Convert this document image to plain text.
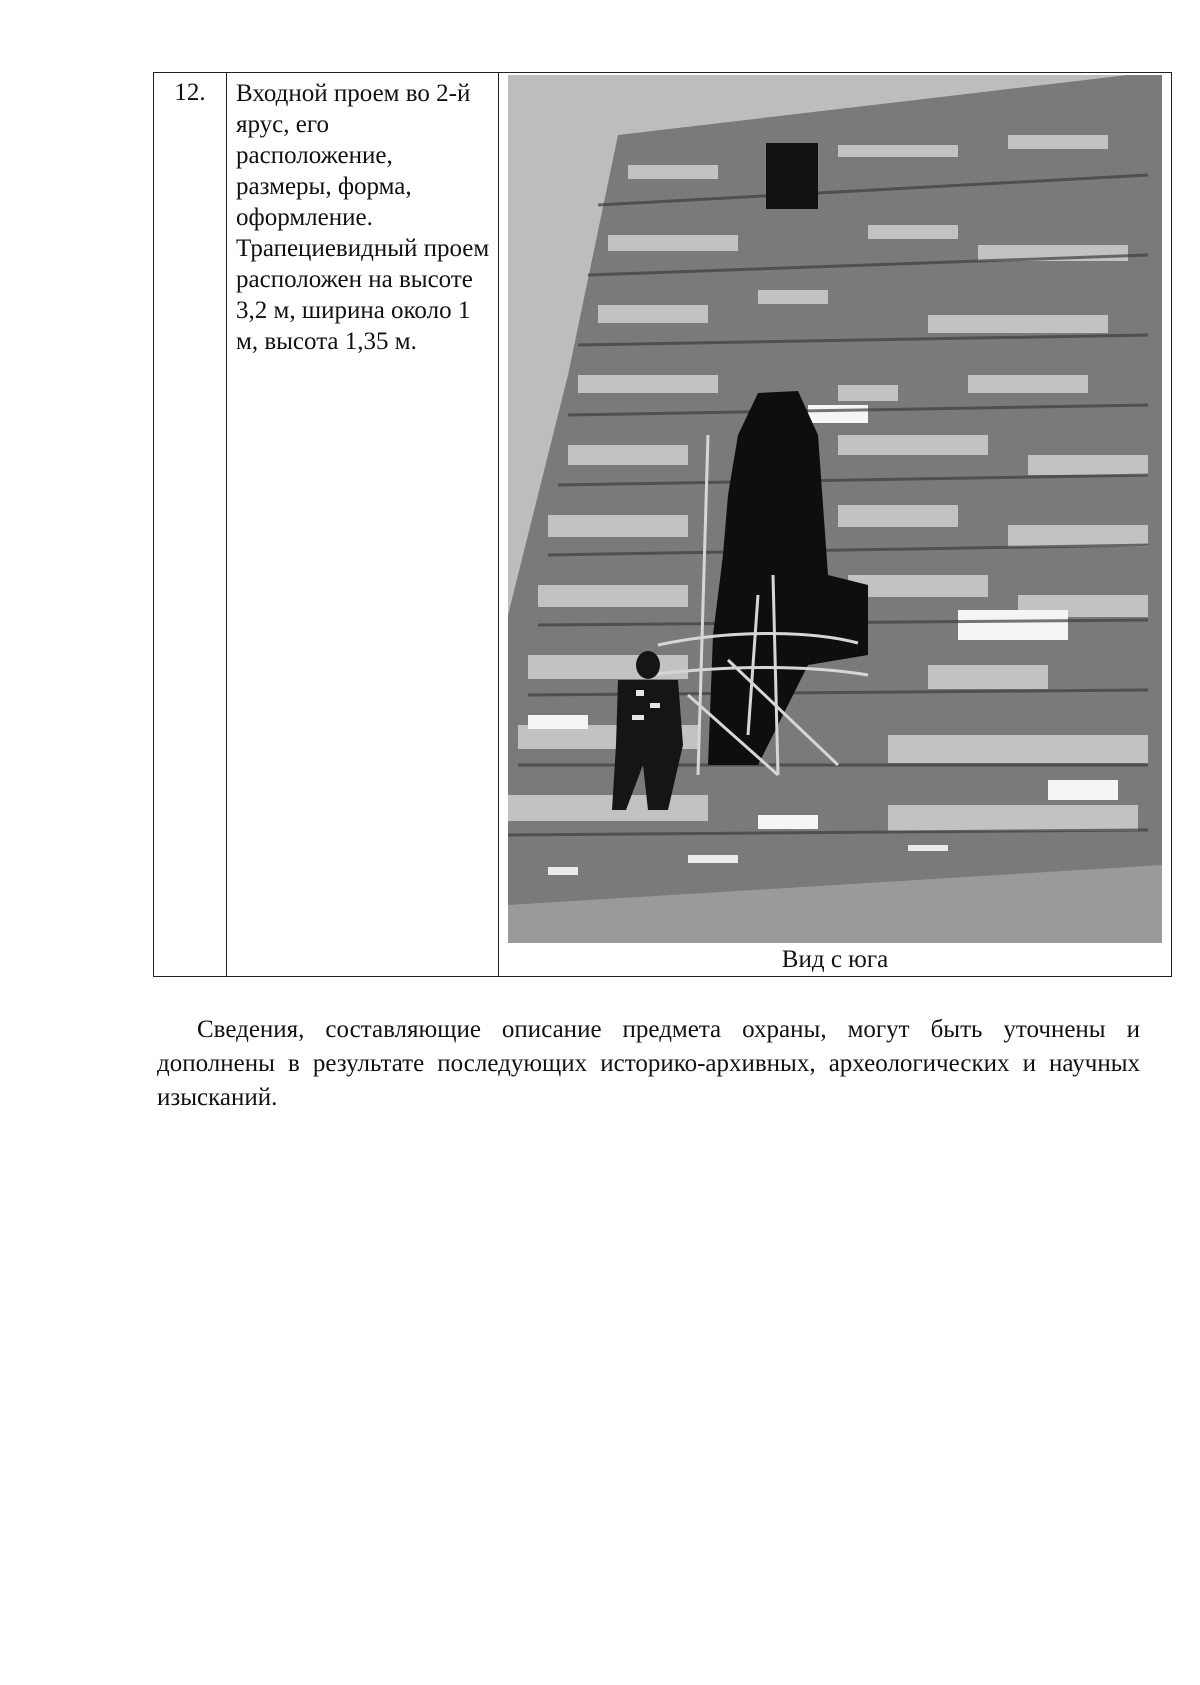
12.	Входной проем во 2-й ярус, его расположение, размеры, форма, оформление. Трапециевидный проем расположен на высоте 3,2 м, ширина около 1 м, высота 1,35 м.	
Вид с юга

Сведения, составляющие описание предмета охраны, могут быть уточнены и дополнены в результате последующих историко-архивных, археологических и научных изысканий.
